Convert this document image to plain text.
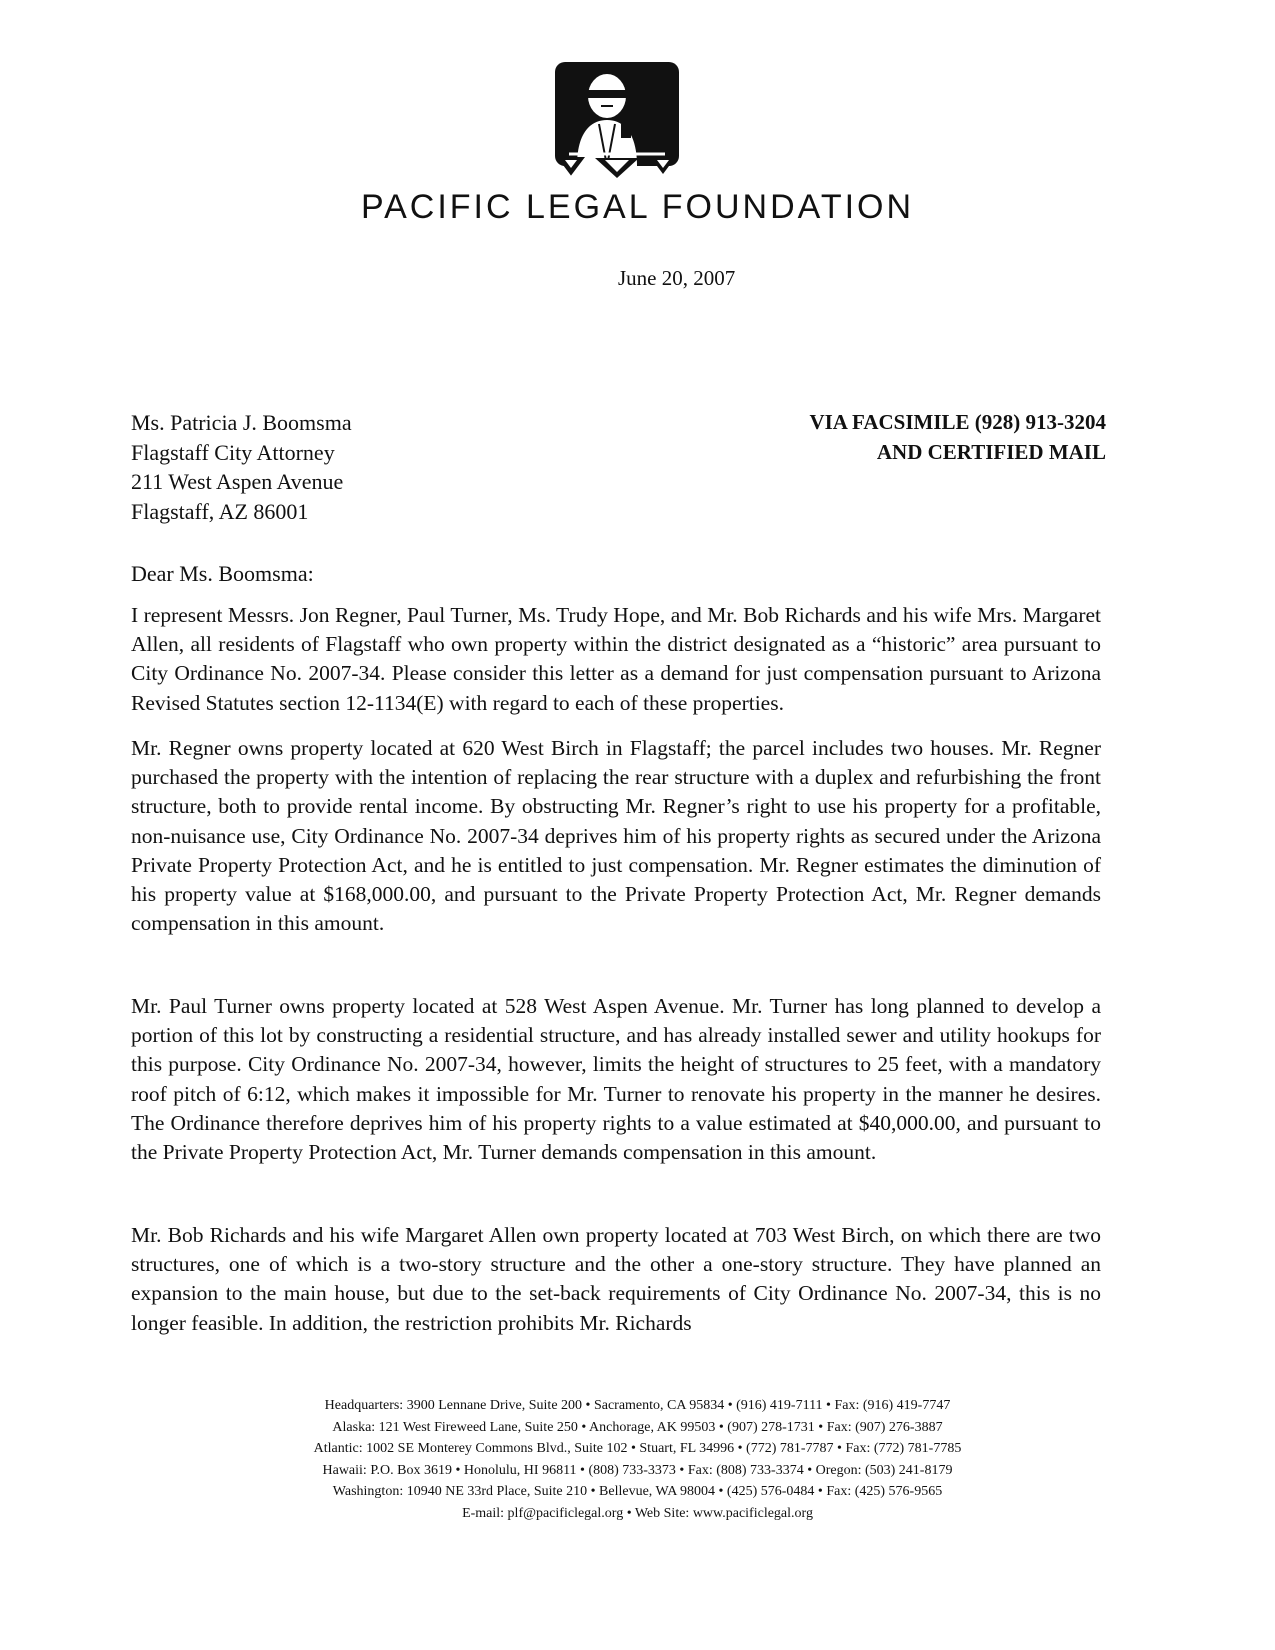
PACIFIC LEGAL FOUNDATION
June 20, 2007
Ms. Patricia J. Boomsma
Flagstaff City Attorney
211 West Aspen Avenue
Flagstaff, AZ 86001
VIA FACSIMILE (928) 913-3204
AND CERTIFIED MAIL
Dear Ms. Boomsma:
I represent Messrs. Jon Regner, Paul Turner, Ms. Trudy Hope, and Mr. Bob Richards and his wife Mrs. Margaret Allen, all residents of Flagstaff who own property within the district designated as a “historic” area pursuant to City Ordinance No. 2007-34. Please consider this letter as a demand for just compensation pursuant to Arizona Revised Statutes section 12-1134(E) with regard to each of these properties.
Mr. Regner owns property located at 620 West Birch in Flagstaff; the parcel includes two houses. Mr. Regner purchased the property with the intention of replacing the rear structure with a duplex and refurbishing the front structure, both to provide rental income. By obstructing Mr. Regner’s right to use his property for a profitable, non-nuisance use, City Ordinance No. 2007-34 deprives him of his property rights as secured under the Arizona Private Property Protection Act, and he is entitled to just compensation. Mr. Regner estimates the diminution of his property value at $168,000.00, and pursuant to the Private Property Protection Act, Mr. Regner demands compensation in this amount.
Mr. Paul Turner owns property located at 528 West Aspen Avenue. Mr. Turner has long planned to develop a portion of this lot by constructing a residential structure, and has already installed sewer and utility hookups for this purpose. City Ordinance No. 2007-34, however, limits the height of structures to 25 feet, with a mandatory roof pitch of 6:12, which makes it impossible for Mr. Turner to renovate his property in the manner he desires. The Ordinance therefore deprives him of his property rights to a value estimated at $40,000.00, and pursuant to the Private Property Protection Act, Mr. Turner demands compensation in this amount.
Mr. Bob Richards and his wife Margaret Allen own property located at 703 West Birch, on which there are two structures, one of which is a two-story structure and the other a one-story structure. They have planned an expansion to the main house, but due to the set-back requirements of City Ordinance No. 2007-34, this is no longer feasible. In addition, the restriction prohibits Mr. Richards
Headquarters: 3900 Lennane Drive, Suite 200 • Sacramento, CA 95834 • (916) 419-7111 • Fax: (916) 419-7747
Alaska: 121 West Fireweed Lane, Suite 250 • Anchorage, AK 99503 • (907) 278-1731 • Fax: (907) 276-3887
Atlantic: 1002 SE Monterey Commons Blvd., Suite 102 • Stuart, FL 34996 • (772) 781-7787 • Fax: (772) 781-7785
Hawaii: P.O. Box 3619 • Honolulu, HI 96811 • (808) 733-3373 • Fax: (808) 733-3374 • Oregon: (503) 241-8179
Washington: 10940 NE 33rd Place, Suite 210 • Bellevue, WA 98004 • (425) 576-0484 • Fax: (425) 576-9565
E-mail: plf@pacificlegal.org • Web Site: www.pacificlegal.org
